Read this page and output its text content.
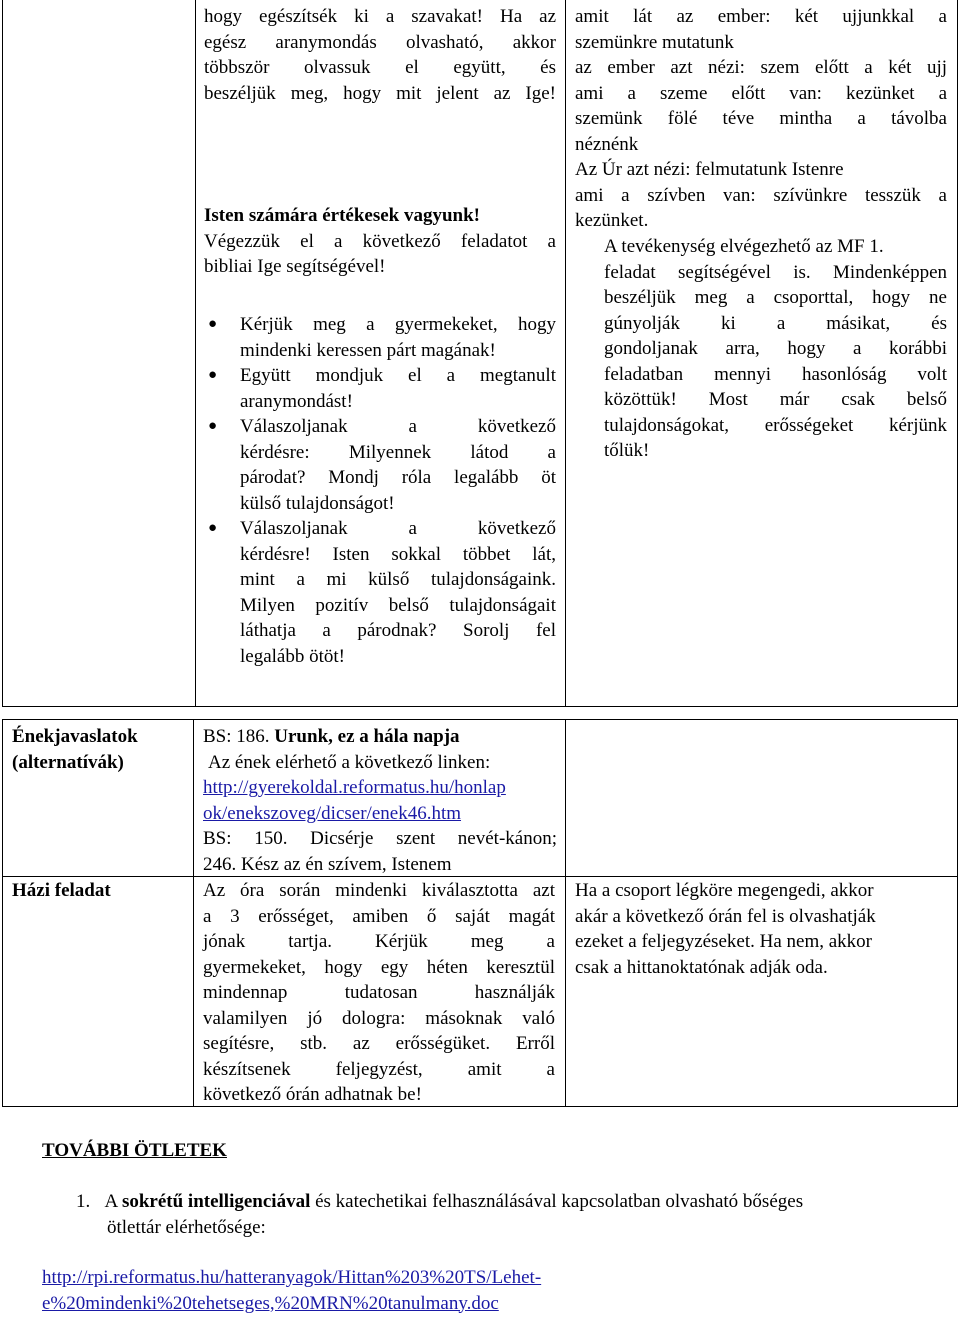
hogy egészítsék ki a szavakat! Ha az
egész aranymondás olvasható, akkor
többször olvassuk el együtt, és
beszéljük meg, hogy mit jelent az Ige!
Isten számára értékesek vagyunk!
Végezzük el a következő feladatot a
bibliai Ige segítségével!
● Kérjük meg a gyermekeket, hogy
mindenki keressen párt magának!
● Együtt mondjuk el a megtanult
aranymondást!
● Válaszoljanak a következő
kérdésre: Milyennek látod a
párodat? Mondj róla legalább öt
külső tulajdonságot!
● Válaszoljanak a következő
kérdésre! Isten sokkal többet lát,
mint a mi külső tulajdonságaink.
Milyen pozitív belső tulajdonságait
láthatja a párodnak? Sorolj fel
legalább ötöt!
amit lát az ember: két ujjunkkal a
szemünkre mutatunk
az ember azt nézi: szem előtt a két ujj
ami a szeme előtt van: kezünket a
szemünk fölé téve mintha a távolba
néznénk
Az Úr azt nézi: felmutatunk Istenre
ami a szívben van: szívünkre tesszük a
kezünket.
A tevékenység elvégezhető az MF 1.
feladat segítségével is. Mindenképpen
beszéljük meg a csoporttal, hogy ne
gúnyolják ki a másikat, és
gondoljanak arra, hogy a korábbi
feladatban mennyi hasonlóság volt
közöttük! Most már csak belső
tulajdonságokat, erősségeket kérjünk
tőlük!
Énekjavaslatok
(alternatívák)
BS: 186. Urunk, ez a hála napja
Az ének elérhető a következő linken:
http://gyerekoldal.reformatus.hu/honlap
ok/enekszoveg/dicser/enek46.htm
BS: 150. Dicsérje szent nevét-kánon;
246. Kész az én szívem, Istenem
Házi feladat	Az óra során mindenki kiválasztotta azt
a 3 erősséget, amiben ő saját magát
jónak tartja. Kérjük meg a
gyermekeket, hogy egy héten keresztül
mindennap tudatosan használják
valamilyen jó dologra: másoknak való
segítésre, stb. az erősségüket. Erről
készítsenek feljegyzést, amit a
következő órán adhatnak be!
Ha a csoport légköre megengedi, akkor
akár a következő órán fel is olvashatják
ezeket a feljegyzéseket. Ha nem, akkor
csak a hittanoktatónak adják oda.
TOVÁBBI ÖTLETEK
1. A sokrétű intelligenciával és katechetikai felhasználásával kapcsolatban olvasható bőséges
ötlettár elérhetősége:
http://rpi.reformatus.hu/hatteranyagok/Hittan%203%20TS/Lehet-
e%20mindenki%20tehetseges,%20MRN%20tanulmany.doc
